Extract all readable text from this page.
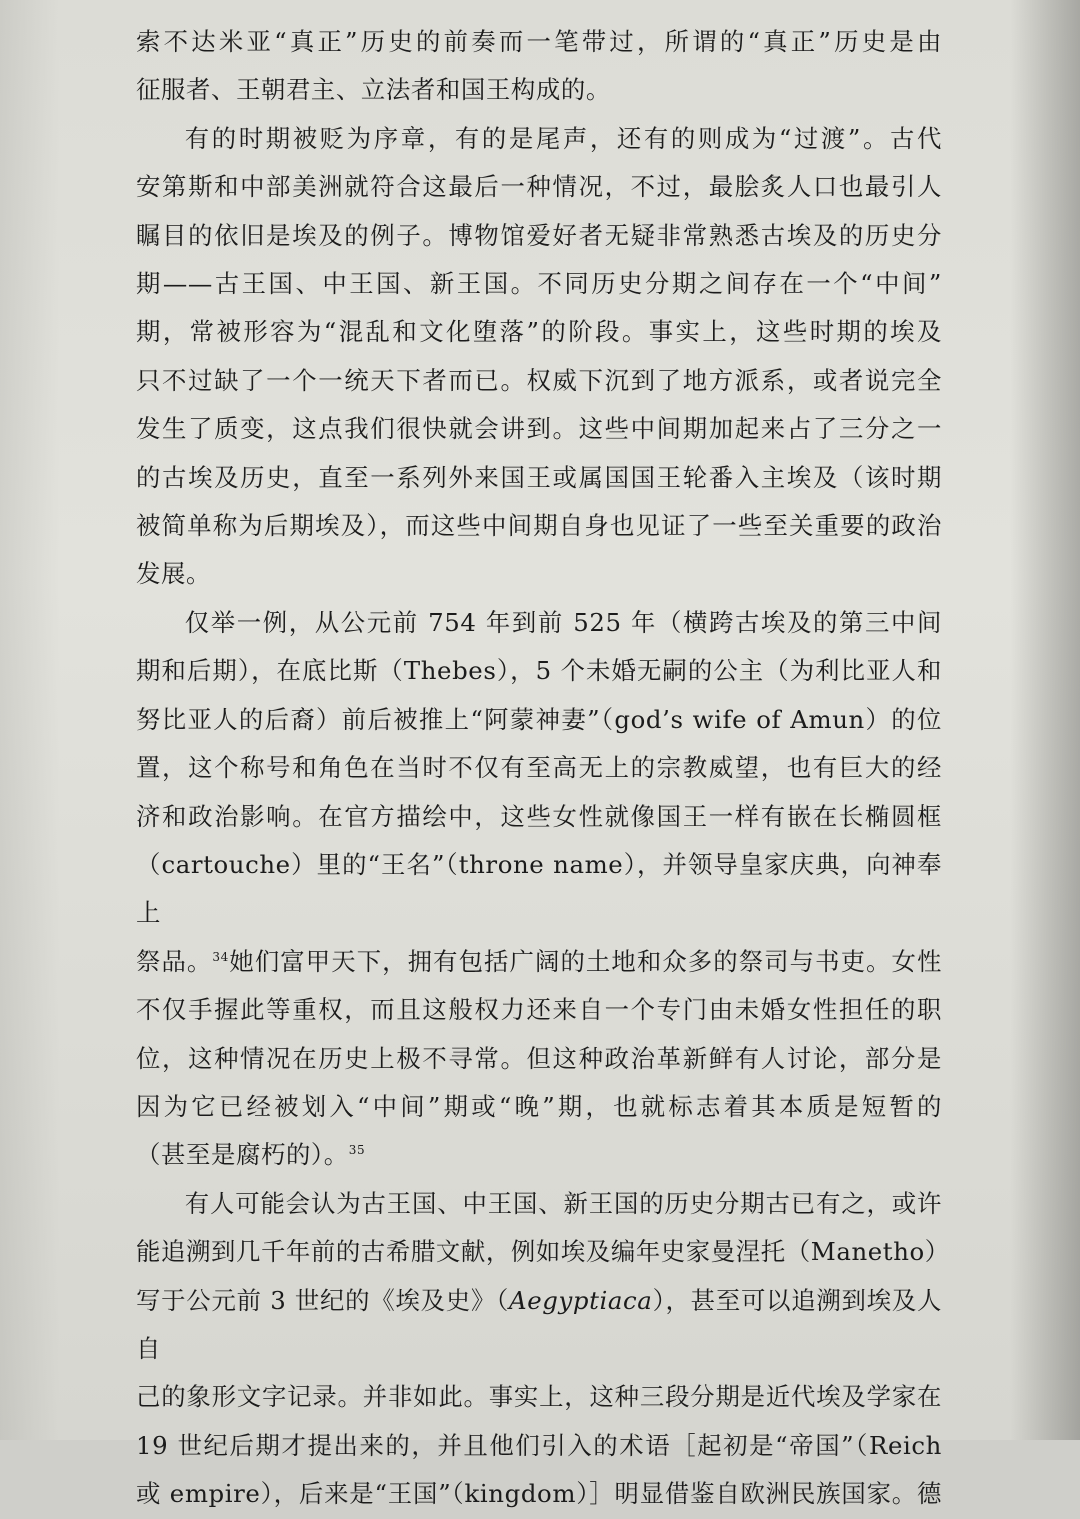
索不达米亚“真正”历史的前奏而一笔带过，所谓的“真正”历史是由

征服者、王朝君主、立法者和国王构成的。

有的时期被贬为序章，有的是尾声，还有的则成为“过渡”。古代

安第斯和中部美洲就符合这最后一种情况，不过，最脍炙人口也最引人

瞩目的依旧是埃及的例子。博物馆爱好者无疑非常熟悉古埃及的历史分

期——古王国、中王国、新王国。不同历史分期之间存在一个“中间”

期，常被形容为“混乱和文化堕落”的阶段。事实上，这些时期的埃及

只不过缺了一个一统天下者而已。权威下沉到了地方派系，或者说完全

发生了质变，这点我们很快就会讲到。这些中间期加起来占了三分之一

的古埃及历史，直至一系列外来国王或属国国王轮番入主埃及（该时期

被简单称为后期埃及），而这些中间期自身也见证了一些至关重要的政治

发展。

仅举一例，从公元前 754 年到前 525 年（横跨古埃及的第三中间

期和后期），在底比斯（Thebes），5 个未婚无嗣的公主（为利比亚人和

努比亚人的后裔）前后被推上“阿蒙神妻”（god’s wife of Amun）的位

置，这个称号和角色在当时不仅有至高无上的宗教威望，也有巨大的经

济和政治影响。在官方描绘中，这些女性就像国王一样有嵌在长椭圆框

（cartouche）里的“王名”（throne name），并领导皇家庆典，向神奉上

祭品。$^{34}$她们富甲天下，拥有包括广阔的土地和众多的祭司与书吏。女性

不仅手握此等重权，而且这般权力还来自一个专门由未婚女性担任的职

位，这种情况在历史上极不寻常。但这种政治革新鲜有人讨论，部分是

因为它已经被划入“中间”期或“晚”期，也就标志着其本质是短暂的

（甚至是腐朽的）。$^{35}$

有人可能会认为古王国、中王国、新王国的历史分期古已有之，或许

能追溯到几千年前的古希腊文献，例如埃及编年史家曼涅托（Manetho）

写于公元前 3 世纪的《埃及史》（Aegyptiaca），甚至可以追溯到埃及人自

己的象形文字记录。并非如此。事实上，这种三段分期是近代埃及学家在

19 世纪后期才提出来的，并且他们引入的术语［起初是“帝国”（Reich

或 empire），后来是“王国”（kingdom）］明显借鉴自欧洲民族国家。德
